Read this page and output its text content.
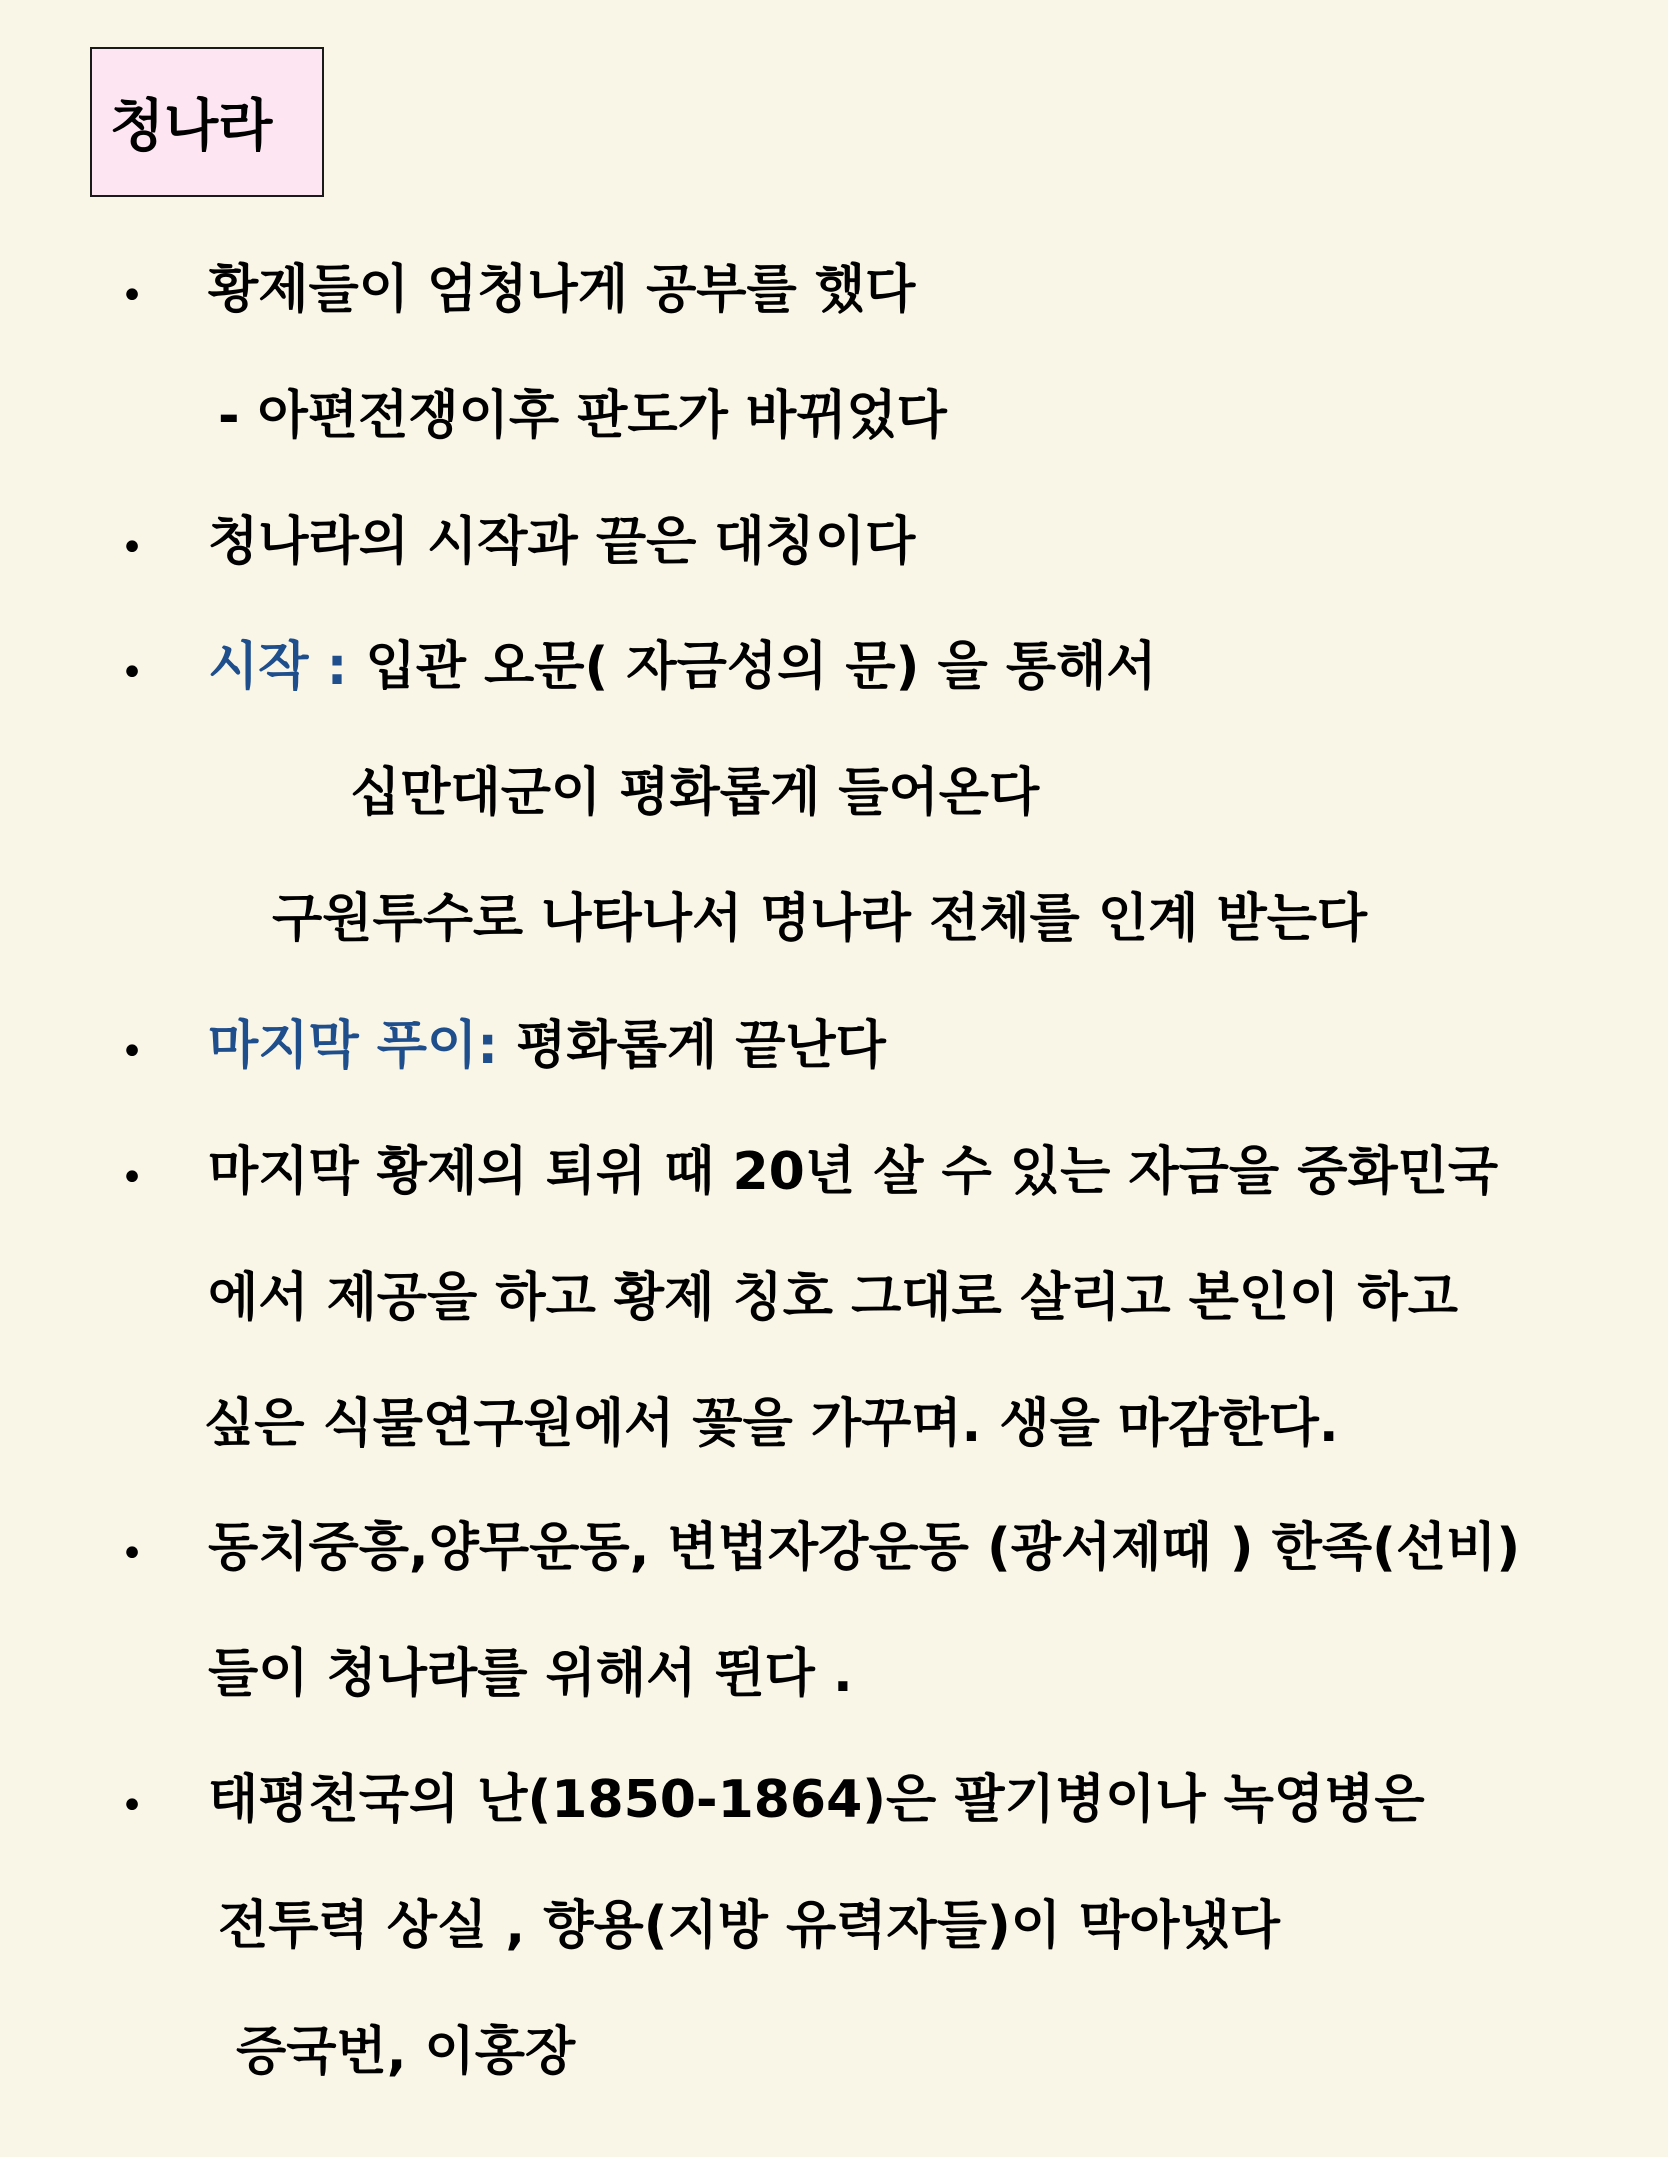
청나라
•
•
•
•
•
•
•
황제들이 엄청나게 공부를 했다
- 아편전쟁이후 판도가 바뀌었다
청나라의 시작과 끝은 대칭이다
시작 : 입관 오문( 자금성의 문) 을 통해서
십만대군이 평화롭게 들어온다
구원투수로 나타나서 명나라 전체를 인계 받는다
마지막 푸이: 평화롭게 끝난다
마지막 황제의 퇴위 때 20년 살 수 있는 자금을 중화민국
에서 제공을 하고 황제 칭호 그대로 살리고 본인이 하고
싶은 식물연구원에서 꽃을 가꾸며. 생을 마감한다.
동치중흥,양무운동, 변법자강운동 (광서제때 ) 한족(선비)
들이 청나라를 위해서 뛴다 .
태평천국의 난(1850-1864)은 팔기병이나 녹영병은
전투력 상실 , 향용(지방 유력자들)이 막아냈다
증국번, 이홍장
